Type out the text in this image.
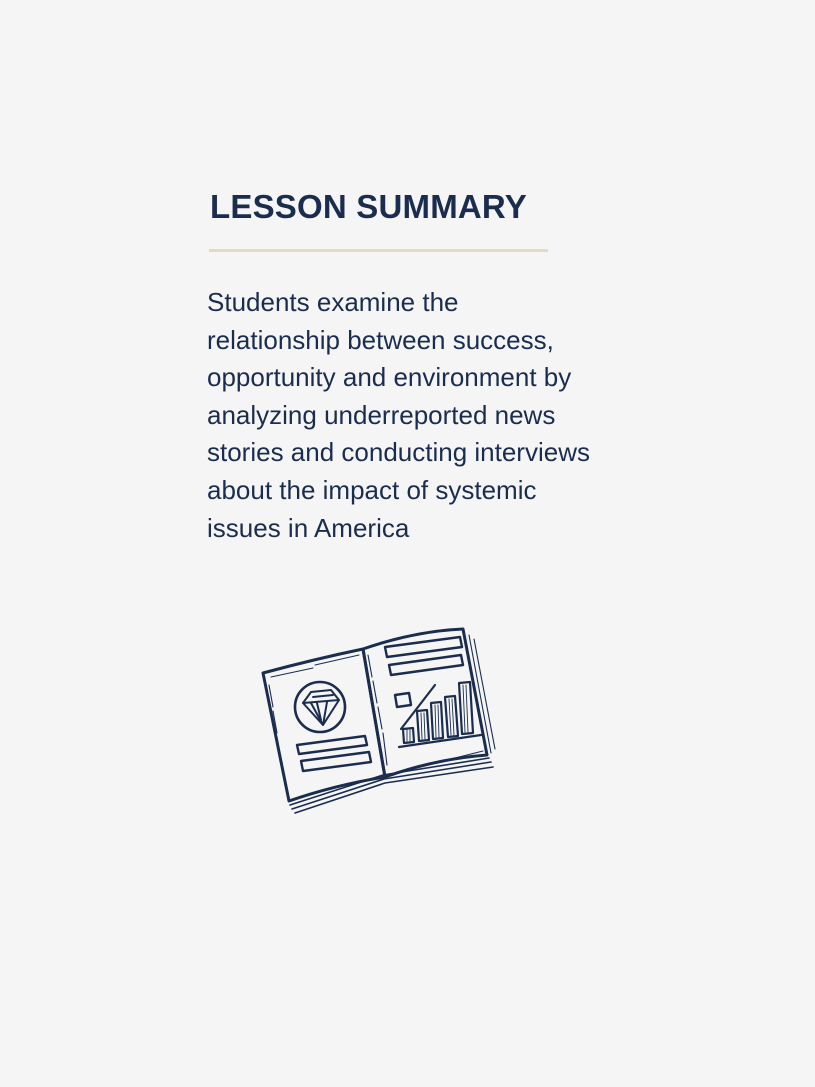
LESSON SUMMARY

Students examine the
relationship between success,
opportunity and environment by
analyzing underreported news
stories and conducting interviews
about the impact of systemic
issues in America
